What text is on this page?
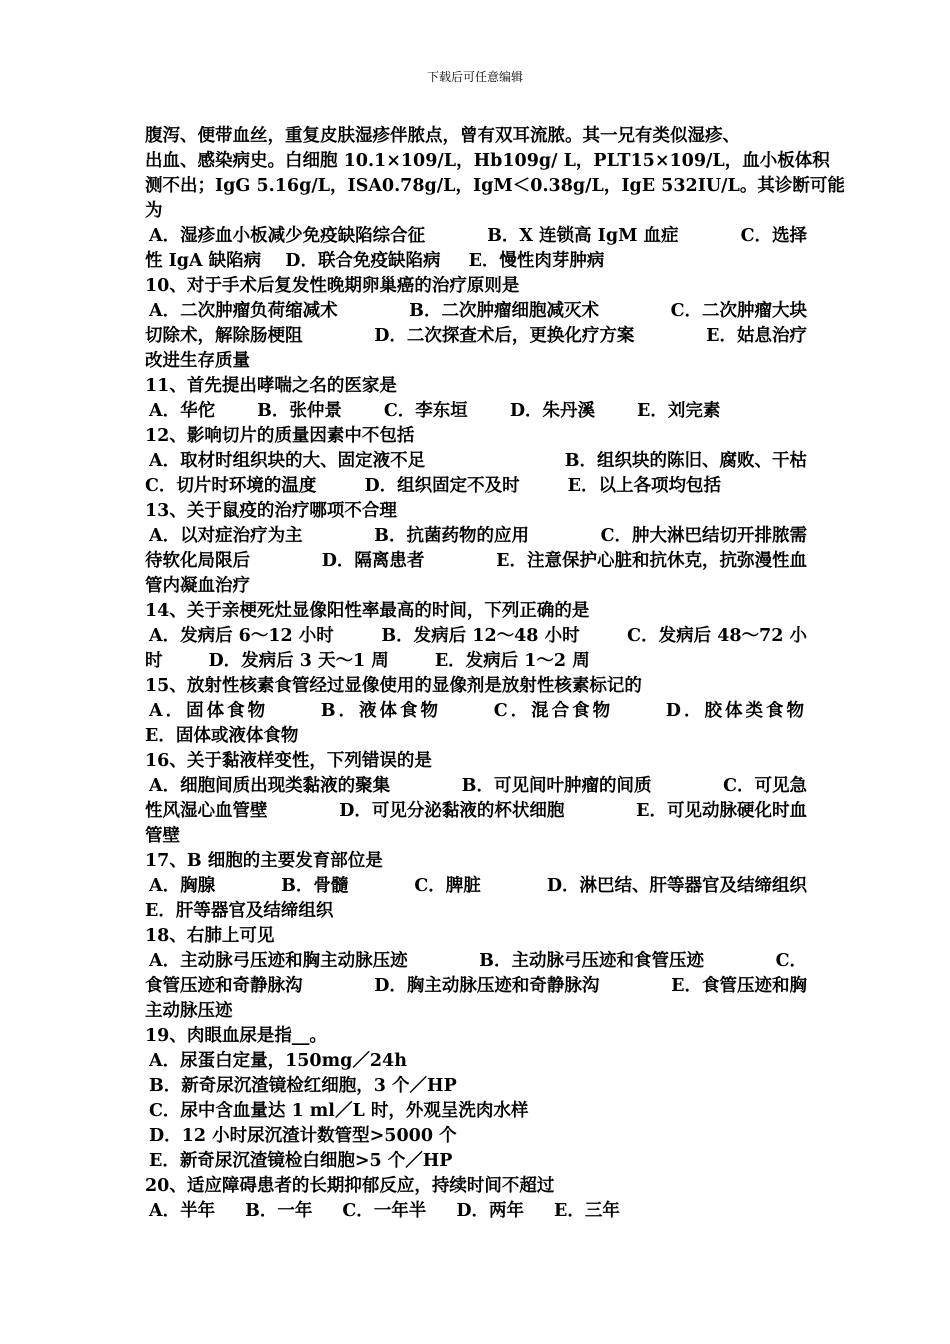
下载后可任意编辑

腹泻、便带血丝，重复皮肤湿疹伴脓点，曾有双耳流脓。其一兄有类似湿疹、

出血、感染病史。白细胞 10.1×109/L，Hb109g/ L，PLT15×109/L，血小板体积

测不出；IgG 5.16g/L，ISA0.78g/L，IgM＜0.38g/L，IgE 532IU/L。其诊断可能

为

A．湿疹血小板减少免疫缺陷综合征	B．X 连锁高 IgM 血症	C．选择
性 IgA 缺陷病 D．联合免疫缺陷病 E．慢性肉芽肿病

10、对于手术后复发性晚期卵巢癌的治疗原则是

A．二次肿瘤负荷缩减术	B．二次肿瘤细胞减灭术	C．二次肿瘤大块
切除术，解除肠梗阻	D．二次探查术后，更换化疗方案	E．姑息治疗

改进生存质量

11、首先提出哮喘之名的医家是

A．华佗 B．张仲景 C．李东垣 D．朱丹溪 E．刘完素

12、影响切片的质量因素中不包括

A．取材时组织块的大、固定液不足	B．组织块的陈旧、腐败、干枯
C．切片时环境的温度	D．组织固定不及时	E．以上各项均包括

13、关于鼠疫的治疗哪项不合理

A．以对症治疗为主	B．抗菌药物的应用	C．肿大淋巴结切开排脓需
待软化局限后	D．隔离患者	E．注意保护心脏和抗休克，抗弥漫性血

管内凝血治疗

14、关于亲梗死灶显像阳性率最高的时间，下列正确的是

A．发病后 6～12 小时	B．发病后 12～48 小时	C．发病后 48～72 小
时	D．发病后 3 天～1 周	E．发病后 1～2 周

15、放射性核素食管经过显像使用的显像剂是放射性核素标记的

A．固体食物	B．液体食物	C．混合食物	D．胶体类食物

E．固体或液体食物

16、关于黏液样变性，下列错误的是

A．细胞间质出现类黏液的聚集	B．可见间叶肿瘤的间质	C．可见急
性风湿心血管壁	D．可见分泌黏液的杯状细胞	E．可见动脉硬化时血

管壁

17、B 细胞的主要发育部位是

A．胸腺	B．骨髓	C．脾脏	D．淋巴结、肝等器官及结缔组织

E．肝等器官及结缔组织

18、右肺上可见

A．主动脉弓压迹和胸主动脉压迹	B．主动脉弓压迹和食管压迹	C．
食管压迹和奇静脉沟	D．胸主动脉压迹和奇静脉沟	E．食管压迹和胸

主动脉压迹

19、肉眼血尿是指__。

A．尿蛋白定量，150mg／24h

B．新奇尿沉渣镜检红细胞，3 个／HP

C．尿中含血量达 1 ml／L 时，外观呈洗肉水样

D．12 小时尿沉渣计数管型>5000 个

E．新奇尿沉渣镜检白细胞>5 个／HP

20、适应障碍患者的长期抑郁反应，持续时间不超过

A．半年 B．一年 C．一年半 D．两年 E．三年
